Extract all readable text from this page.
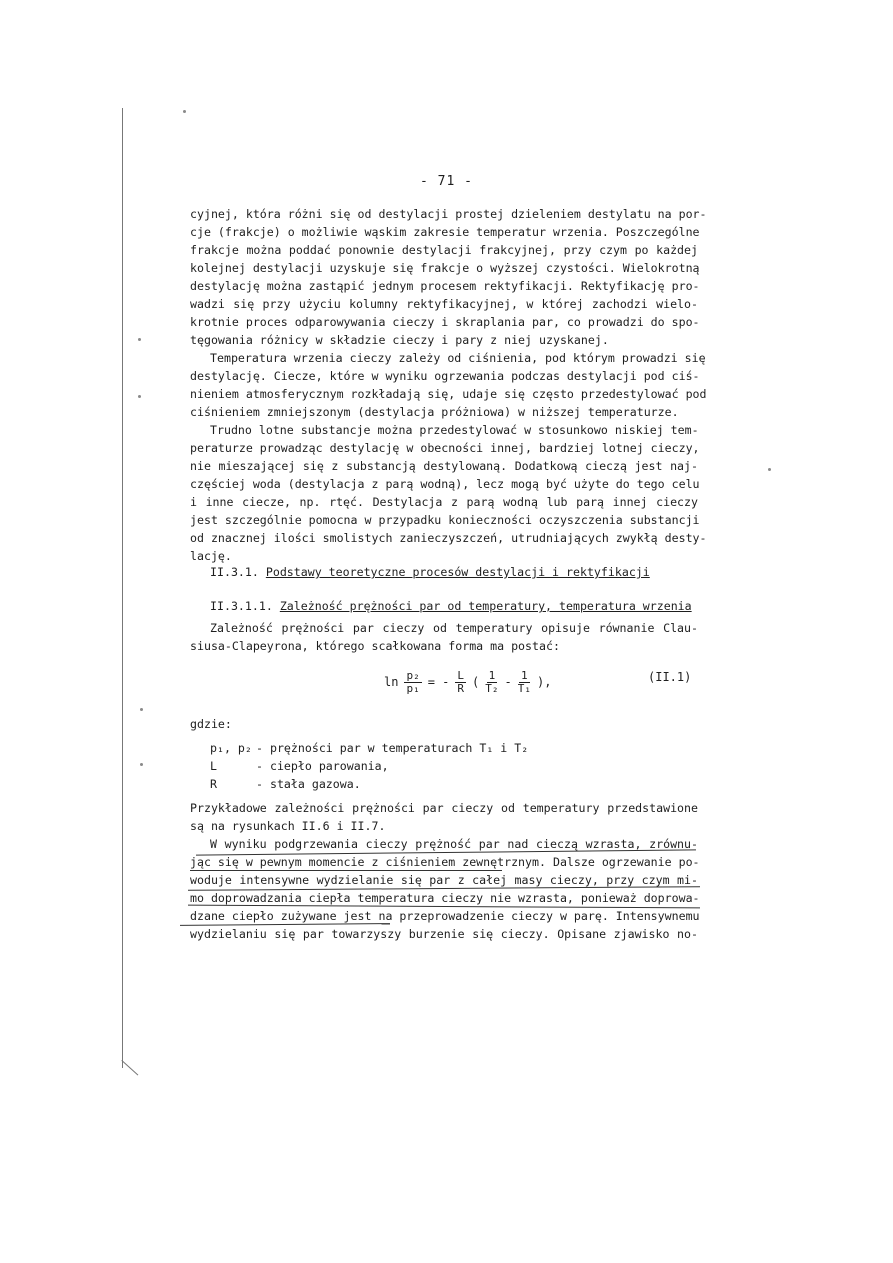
- 71 -
cyjnej, która różni się od destylacji prostej dzieleniem destylatu na por-
cje (frakcje) o możliwie wąskim zakresie temperatur wrzenia. Poszczególne
frakcje można poddać ponownie destylacji frakcyjnej, przy czym po każdej
kolejnej destylacji uzyskuje się frakcje o wyższej czystości. Wielokrotną
destylację można zastąpić jednym procesem rektyfikacji. Rektyfikację pro-
wadzi się przy użyciu kolumny rektyfikacyjnej, w której zachodzi wielo-
krotnie proces odparowywania cieczy i skraplania par, co prowadzi do spo-
tęgowania różnicy w składzie cieczy i pary z niej uzyskanej.
Temperatura wrzenia cieczy zależy od ciśnienia, pod którym prowadzi się
destylację. Ciecze, które w wyniku ogrzewania podczas destylacji pod ciś-
nieniem atmosferycznym rozkładają się, udaje się często przedestylować pod
ciśnieniem zmniejszonym (destylacja próżniowa) w niższej temperaturze.
Trudno lotne substancje można przedestylować w stosunkowo niskiej tem-
peraturze prowadząc destylację w obecności innej, bardziej lotnej cieczy,
nie mieszającej się z substancją destylowaną. Dodatkową cieczą jest naj-
częściej woda (destylacja z parą wodną), lecz mogą być użyte do tego celu
i inne ciecze, np. rtęć. Destylacja z parą wodną lub parą innej cieczy
jest szczególnie pomocna w przypadku konieczności oczyszczenia substancji
od znacznej ilości smolistych zanieczyszczeń, utrudniających zwykłą desty-
lację.
II.3.1. Podstawy teoretyczne procesów destylacji i rektyfikacji
II.3.1.1. Zależność prężności par od temperatury, temperatura wrzenia
Zależność prężności par cieczy od temperatury opisuje równanie Clau-
siusa-Clapeyrona, którego scałkowana forma ma postać:
$\ln \frac{\text{p₂}}{\text{p₁}}$ = - $\frac{L}{R}$ ( $\frac{1}{\text{T₂}} - \frac{1}{\text{T₁}}$ ),	(II.1)
gdzie:
p₁, p₂ - prężności par w temperaturach T₁ i T₂
L	- ciepło parowania,
R	- stała gazowa.
Przykładowe zależności prężności par cieczy od temperatury przedstawione
są na rysunkach II.6 i II.7.
W wyniku podgrzewania cieczy prężność par nad cieczą wzrasta, zrównu-
jąc się w pewnym momencie z ciśnieniem zewnętrznym. Dalsze ogrzewanie po-
woduje intensywne wydzielanie się par z całej masy cieczy, przy czym mi-
mo doprowadzania ciepła temperatura cieczy nie wzrasta, ponieważ doprowa-
dzane ciepło zużywane jest na przeprowadzenie cieczy w parę. Intensywnemu
wydzielaniu się par towarzyszy burzenie się cieczy. Opisane zjawisko no-
